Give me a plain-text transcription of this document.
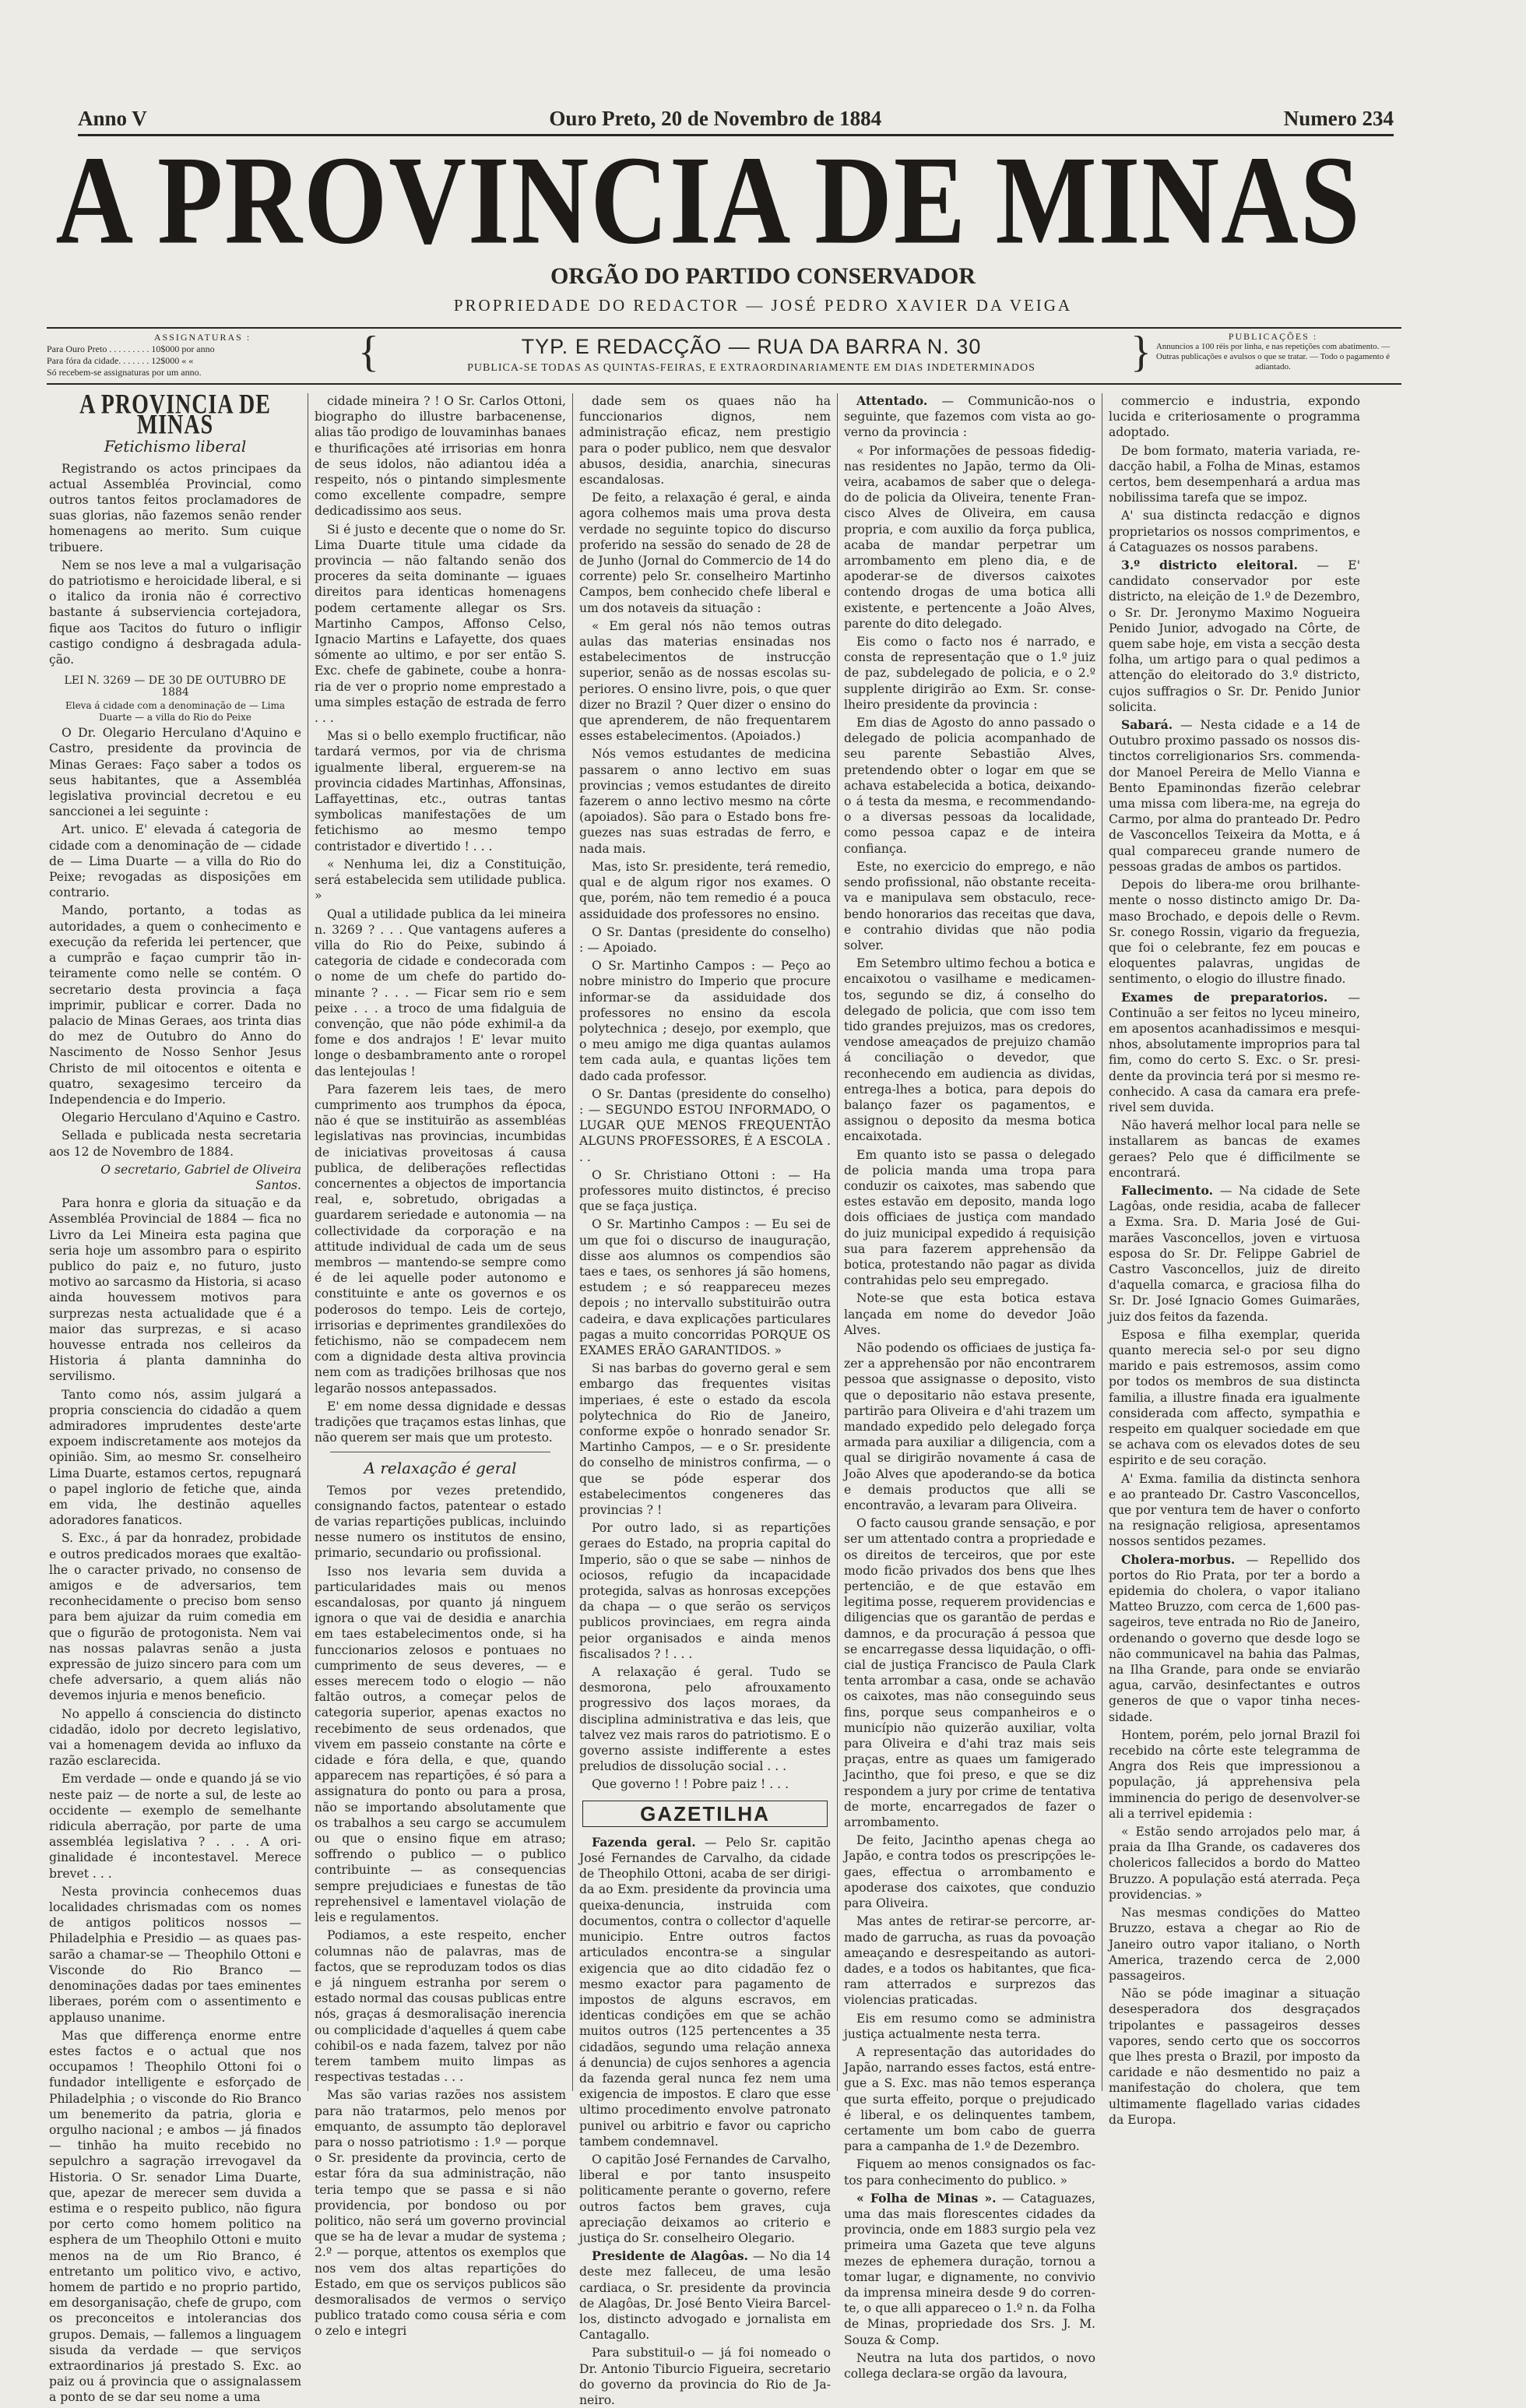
Anno V	Ouro Preto, 20 de Novembro de 1884	Numero 234
A PROVINCIA DE MINAS
ORGÃO DO PARTIDO CONSERVADOR
PROPRIEDADE DO REDACTOR — JOSÉ PEDRO XAVIER DA VEIGA
ASSIGNATURAS :
Para Ouro Preto . . . . . . . . . 10$000 por anno
Para fóra da cidade. . . . . . . 12$000 « «
Só recebem-se assignaturas por um anno.	{	TYP. E REDACÇÃO — RUA DA BARRA N. 30
PUBLICA-SE TODAS AS QUINTAS-FEIRAS, E EXTRAORDINARIAMENTE EM DIAS INDETERMINADOS	}	PUBLICAÇÕES :
Annuncios a 100 réis por linha, e nas repetições com abatimento. — Outras publicações e avulsos o que se tratar. — Todo o pagamento é adiantado.
A PROVINCIA DE MINAS
Fetichismo liberal

Registrando os actos principaes da actual Assembléa Provincial, como outros tantos feitos proclamadores de suas glorias, não fazemos senão render homenagens ao merito. Sum cuique tribuere.

Nem se nos leve a mal a vulgarisação do patriotismo e heroicidade liberal, e si o italico da ironia não é correctivo bastante á subserviencia cortejadora, fique aos Tacitos do futuro o infligir castigo condigno á desbragada adulação.

LEI N. 3269 — DE 30 DE OUTUBRO DE 1884
Eleva á cidade com a denominação de — Lima Duarte — a villa do Rio do Peixe

O Dr. Olegario Herculano d'Aquino e Castro, presidente da provincia de Minas Geraes: Faço saber a todos os seus habitantes, que a Assembléa legislativa provincial decretou e eu sanccionei a lei seguinte :

Art. unico. E' elevada á categoria de cidade com a denominação de — cidade de — Lima Duarte — a villa do Rio do Peixe; revogadas as disposições em contrario.

Mando, portanto, a todas as autoridades, a quem o conhecimento e execução da referida lei pertencer, que a cumprão e façao cumprir tão inteiramente como nelle se contém. O secretario desta provincia a faça imprimir, publicar e correr. Dada no palacio de Minas Geraes, aos trinta dias do mez de Outubro do Anno do Nascimento de Nosso Senhor Jesus Christo de mil oitocentos e oitenta e quatro, sexagesimo terceiro da Independencia e do Imperio.

Olegario Herculano d'Aquino e Castro.

Sellada e publicada nesta secretaria aos 12 de Novembro de 1884.

O secretario, Gabriel de Oliveira Santos.

Para honra e gloria da situação e da Assembléa Provincial de 1884 — fica no Livro da Lei Mineira esta pagina que seria hoje um assombro para o espirito publico do paiz e, no futuro, justo motivo ao sarcasmo da Historia, si acaso ainda houvessem motivos para surprezas nesta actualidade que é a maior das surprezas, e si acaso houvesse entrada nos celleiros da Historia á planta damninha do servilismo.

Tanto como nós, assim julgará a propria consciencia do cidadão a quem admiradores imprudentes deste'arte expoem indiscretamente aos motejos da opinião. Sim, ao mesmo Sr. conselheiro Lima Duarte, estamos certos, repugnará o papel inglorio de fetiche que, ainda em vida, lhe destinão aquelles adoradores fanaticos.

S. Exc., á par da honradez, probidade e outros predicados moraes que exaltão-lhe o caracter privado, no consenso de amigos e de adversarios, tem reconhecidamente o preciso bom senso para bem ajuizar da ruim comedia em que o figurão de protogonista. Nem vai nas nossas palavras senão a justa expressão de juizo sincero para com um chefe adversario, a quem aliás não devemos injuria e menos beneficio.

No appello á consciencia do distincto cidadão, idolo por decreto legislativo, vai a homenagem devida ao influxo da razão esclarecida.

Em verdade — onde e quando já se vio neste paiz — de norte a sul, de leste ao occidente — exemplo de semelhante ridicula aberração, por parte de uma assembléa legislativa ? . . . A originalidade é incontestavel. Merece brevet . . .

Nesta provincia conhecemos duas localidades chrismadas com os nomes de antigos politicos nossos — Philadelphia e Presidio — as quaes passarão a chamar-se — Theophilo Ottoni e Visconde do Rio Branco — denominações dadas por taes eminentes liberaes, porém com o assentimento e applauso unanime.

Mas que differença enorme entre estes factos e o actual que nos occupamos ! Theophilo Ottoni foi o fundador intelligente e esforçado de Philadelphia ; o visconde do Rio Branco um benemerito da patria, gloria e orgulho nacional ; e ambos — já finados — tinhão ha muito recebido no sepulchro a sagração irrevogavel da Historia. O Sr. senador Lima Duarte, que, apezar de merecer sem duvida a estima e o respeito publico, não figura por certo como homem politico na esphera de um Theophilo Ottoni e muito menos na de um Rio Branco, é entretanto um politico vivo, e activo, homem de partido e no proprio partido, em desorganisação, chefe de grupo, com os preconceitos e intolerancias dos grupos. Demais, — fallemos a linguagem sisuda da verdade — que serviços extraordinarios já prestado S. Exc. ao paiz ou á provincia que o assignalassem a ponto de se dar seu nome a uma

cidade mineira ? ! O Sr. Carlos Ottoni, biographo do illustre barbacenense, alias tão prodigo de louvaminhas banaes e thurificações até irrisorias em honra de seus idolos, não adiantou idéa a respeito, nós o pintando simplesmente como excellente compadre, sempre dedicadissimo aos seus.

Si é justo e decente que o nome do Sr. Lima Duarte titule uma cidade da provincia — não faltando senão dos proceres da seita dominante — iguaes direitos para identicas homenagens podem certamente allegar os Srs. Martinho Campos, Affonso Celso, Ignacio Martins e Lafayette, dos quaes sómente ao ultimo, e por ser então S. Exc. chefe de gabinete, coube a honraria de ver o proprio nome emprestado a uma simples estação de estrada de ferro . . .

Mas si o bello exemplo fructificar, não tardará vermos, por via de chrisma igualmente liberal, erguerem-se na provincia cidades Martinhas, Affonsinas, Laffayettinas, etc., outras tantas symbolicas manifestações de um fetichismo ao mesmo tempo contristador e divertido ! . . .

« Nenhuma lei, diz a Constituição, será estabelecida sem utilidade publica. »

Qual a utilidade publica da lei mineira n. 3269 ? . . . Que vantagens auferes a villa do Rio do Peixe, subindo á categoria de cidade e condecorada com o nome de um chefe do partido dominante ? . . . — Ficar sem rio e sem peixe . . . a troco de uma fidalguia de convenção, que não póde exhimil-a da fome e dos andrajos ! E' levar muito longe o desbambramento ante o roropel das lentejoulas !

Para fazerem leis taes, de mero cumprimento aos trumphos da época, não é que se instituirão as assembléas legislativas nas provincias, incumbidas de iniciativas proveitosas á causa publica, de deliberações reflectidas concernentes a objectos de importancia real, e, sobretudo, obrigadas a guardarem seriedade e autonomia — na collectividade da corporação e na attitude individual de cada um de seus membros — mantendo-se sempre como é de lei aquelle poder autonomo e constituinte e ante os governos e os poderosos do tempo. Leis de cortejo, irrisorias e deprimentes grandilexões do fetichismo, não se compadecem nem com a dignidade desta altiva provincia nem com as tradições brilhosas que nos legarão nossos antepassados.

E' em nome dessa dignidade e dessas tradições que traçamos estas linhas, que não querem ser mais que um protesto.

A relaxação é geral

Temos por vezes pretendido, consignando factos, patentear o estado de varias repartições publicas, incluindo nesse numero os institutos de ensino, primario, secundario ou profissional.

Isso nos levaria sem duvida a particularidades mais ou menos escandalosas, por quanto já ninguem ignora o que vai de desidia e anarchia em taes estabelecimentos onde, si ha funccionarios zelosos e pontuaes no cumprimento de seus deveres, — e esses merecem todo o elogio — não faltão outros, a começar pelos de categoria superior, apenas exactos no recebimento de seus ordenados, que vivem em passeio constante na côrte e cidade e fóra della, e que, quando apparecem nas repartições, é só para a assignatura do ponto ou para a prosa, não se importando absolutamente que os trabalhos a seu cargo se accumulem ou que o ensino fique em atraso; soffrendo o publico — o publico contribuinte — as consequencias sempre prejudiciaes e funestas de tão reprehensivel e lamentavel violação de leis e regulamentos.

Podiamos, a este respeito, encher columnas não de palavras, mas de factos, que se reproduzam todos os dias e já ninguem estranha por serem o estado normal das cousas publicas entre nós, graças á desmoralisação inerencia ou complicidade d'aquelles á quem cabe cohibil-os e nada fazem, talvez por não terem tambem muito limpas as respectivas testadas . . .

Mas são varias razões nos assistem para não tratarmos, pelo menos por emquanto, de assumpto tão deploravel para o nosso patriotismo : 1.º — porque o Sr. presidente da provincia, certo de estar fóra da sua administração, não teria tempo que se passa e si não providencia, por bondoso ou por politico, não será um governo provincial que se ha de levar a mudar de systema ; 2.º — porque, attentos os exemplos que nos vem dos altas repartições do Estado, em que os serviços publicos são desmoralisados de vermos o serviço publico tratado como cousa séria e com o zelo e integri

dade sem os quaes não ha funccionarios dignos, nem administração eficaz, nem prestigio para o poder publico, nem que desvalor abusos, desidia, anarchia, sinecuras escandalosas.

De feito, a relaxação é geral, e ainda agora colhemos mais uma prova desta verdade no seguinte topico do discurso proferido na sessão do senado de 28 de de Junho (Jornal do Commercio de 14 do corrente) pelo Sr. conselheiro Martinho Campos, bem conhecido chefe liberal e um dos notaveis da situação :

« Em geral nós não temos outras aulas das materias ensinadas nos estabelecimentos de instrucção superior, senão as de nossas escolas superiores. O ensino livre, pois, o que quer dizer no Brazil ? Quer dizer o ensino do que aprenderem, de não frequentarem esses estabelecimentos. (Apoiados.)

Nós vemos estudantes de medicina passarem o anno lectivo em suas provincias ; vemos estudantes de direito fazerem o anno lectivo mesmo na côrte (apoiados). São para o Estado bons freguezes nas suas estradas de ferro, e nada mais.

Mas, isto Sr. presidente, terá remedio, qual e de algum rigor nos exames. O que, porém, não tem remedio é a pouca assiduidade dos professores no ensino.

O Sr. Dantas (presidente do conselho) : — Apoiado.

O Sr. Martinho Campos : — Peço ao nobre ministro do Imperio que procure informar-se da assiduidade dos professores no ensino da escola polytechnica ; desejo, por exemplo, que o meu amigo me diga quantas aulamos tem cada aula, e quantas lições tem dado cada professor.

O Sr. Dantas (presidente do conselho) : — SEGUNDO ESTOU INFORMADO, O LUGAR QUE MENOS FREQUENTÃO ALGUNS PROFESSORES, É A ESCOLA . . .

O Sr. Christiano Ottoni : — Ha professores muito distinctos, é preciso que se faça justiça.

O Sr. Martinho Campos : — Eu sei de um que foi o discurso de inauguração, disse aos alumnos os compendios são taes e taes, os senhores já são homens, estudem ; e só reappareceu mezes depois ; no intervallo substituirão outra cadeira, e dava explicações particulares pagas a muito concorridas PORQUE OS EXAMES ERÃO GARANTIDOS. »

Si nas barbas do governo geral e sem embargo das frequentes visitas imperiaes, é este o estado da escola polytechnica do Rio de Janeiro, conforme expõe o honrado senador Sr. Martinho Campos, — e o Sr. presidente do conselho de ministros confirma, — o que se póde esperar dos estabelecimentos congeneres das provincias ? !

Por outro lado, si as repartições geraes do Estado, na propria capital do Imperio, são o que se sabe — ninhos de ociosos, refugio da incapacidade protegida, salvas as honrosas excepções da chapa — o que serão os serviços publicos provinciaes, em regra ainda peior organisados e ainda menos fiscalisados ? ! . . .

A relaxação é geral. Tudo se desmorona, pelo afrouxamento progressivo dos laços moraes, da disciplina administrativa e das leis, que talvez vez mais raros do patriotismo. E o governo assiste indifferente a estes preludios de dissolução social . . .

Que governo ! ! Pobre paiz ! . . .

GAZETILHA

Fazenda geral. — Pelo Sr. capitão José Fernandes de Carvalho, da cidade de Theophilo Ottoni, acaba de ser dirigida ao Exm. presidente da provincia uma queixa-denuncia, instruida com documentos, contra o collector d'aquelle municipio. Entre outros factos articulados encontra-se a singular exigencia que ao dito cidadão fez o mesmo exactor para pagamento de impostos de alguns escravos, em identicas condições em que se achão muitos outros (125 pertencentes a 35 cidadãos, segundo uma relação annexa á denuncia) de cujos senhores a agencia da fazenda geral nunca fez nem uma exigencia de impostos. E claro que esse ultimo procedimento envolve patronato punivel ou arbitrio e favor ou capricho tambem condemnavel.

O capitão José Fernandes de Carvalho, liberal e por tanto insuspeito politicamente perante o governo, refere outros factos bem graves, cuja apreciação deixamos ao criterio e justiça do Sr. conselheiro Olegario.

Presidente de Alagôas. — No dia 14 deste mez falleceu, de uma lesão cardiaca, o Sr. presidente da provincia de Alagôas, Dr. José Bento Vieira Barcellos, distincto advogado e jornalista em Cantagallo.

Para substituil-o — já foi nomeado o Dr. Antonio Tiburcio Figueira, secretario do governo da provincia do Rio de Janeiro.

Attentado. — Communicão-nos o seguinte, que fazemos com vista ao governo da provincia :

« Por informações de pessoas fidedignas residentes no Japão, termo da Oliveira, acabamos de saber que o delegado de policia da Oliveira, tenente Francisco Alves de Oliveira, em causa propria, e com auxilio da força publica, acaba de mandar perpetrar um arrombamento em pleno dia, e de apoderar-se de diversos caixotes contendo drogas de uma botica alli existente, e pertencente a João Alves, parente do dito delegado.

Eis como o facto nos é narrado, e consta de representação que o 1.º juiz de paz, subdelegado de policia, e o 2.º supplente dirigirão ao Exm. Sr. conselheiro presidente da provincia :

Em dias de Agosto do anno passado o delegado de policia acompanhado de seu parente Sebastião Alves, pretendendo obter o logar em que se achava estabelecida a botica, deixando-o á testa da mesma, e recommendando-o a diversas pessoas da localidade, como pessoa capaz e de inteira confiança.

Este, no exercicio do emprego, e não sendo profissional, não obstante receitava e manipulava sem obstaculo, recebendo honorarios das receitas que dava, e contrahio dividas que não podia solver.

Em Setembro ultimo fechou a botica e encaixotou o vasilhame e medicamentos, segundo se diz, á conselho do delegado de policia, que com isso tem tido grandes prejuizos, mas os credores, vendose ameaçados de prejuizo chamão á conciliação o devedor, que reconhecendo em audiencia as dividas, entrega-lhes a botica, para depois do balanço fazer os pagamentos, e assignou o deposito da mesma botica encaixotada.

Em quanto isto se passa o delegado de policia manda uma tropa para conduzir os caixotes, mas sabendo que estes estavão em deposito, manda logo dois officiaes de justiça com mandado do juiz municipal expedido á requisição sua para fazerem apprehensão da botica, protestando não pagar as divida contrahidas pelo seu empregado.

Note-se que esta botica estava lançada em nome do devedor João Alves.

Não podendo os officiaes de justiça fazer a apprehensão por não encontrarem pessoa que assignasse o deposito, visto que o depositario não estava presente, partirão para Oliveira e d'ahi trazem um mandado expedido pelo delegado força armada para auxiliar a diligencia, com a qual se dirigirão novamente á casa de João Alves que apoderando-se da botica e demais productos que alli se encontravão, a levaram para Oliveira.

O facto causou grande sensação, e por ser um attentado contra a propriedade e os direitos de terceiros, que por este modo ficão privados dos bens que lhes pertencião, e de que estavão em legitima posse, requerem providencias e diligencias que os garantão de perdas e damnos, e da procuração á pessoa que se encarregasse dessa liquidação, o official de justiça Francisco de Paula Clark tenta arrombar a casa, onde se achavão os caixotes, mas não conseguindo seus fins, porque seus companheiros e o município não quizerão auxiliar, volta para Oliveira e d'ahi traz mais seis praças, entre as quaes um famigerado Jacintho, que foi preso, e que se diz respondem a jury por crime de tentativa de morte, encarregados de fazer o arrombamento.

De feito, Jacintho apenas chega ao Japão, e contra todos os prescripções legaes, effectua o arrombamento e apoderase dos caixotes, que conduzio para Oliveira.

Mas antes de retirar-se percorre, armado de garrucha, as ruas da povoação ameaçando e desrespeitando as autoridades, e a todos os habitantes, que ficaram atterrados e surprezos das violencias praticadas.

Eis em resumo como se administra justiça actualmente nesta terra.

A representação das autoridades do Japão, narrando esses factos, está entregue a S. Exc. mas não temos esperança que surta effeito, porque o prejudicado é liberal, e os delinquentes tambem, certamente um bom cabo de guerra para a campanha de 1.º de Dezembro.

Fiquem ao menos consignados os factos para conhecimento do publico. »

« Folha de Minas ». — Cataguazes, uma das mais florescentes cidades da provincia, onde em 1883 surgio pela vez primeira uma Gazeta que teve alguns mezes de ephemera duração, tornou a tomar lugar, e dignamente, no convivio da imprensa mineira desde 9 do corrente, o que alli appareceo o 1.º n. da Folha de Minas, propriedade dos Srs. J. M. Souza & Comp.

Neutra na luta dos partidos, o novo collega declara-se orgão da lavoura,

commercio e industria, expondo lucida e criteriosamente o programma adoptado.

De bom formato, materia variada, redacção habil, a Folha de Minas, estamos certos, bem desempenhará a ardua mas nobilissima tarefa que se impoz.

A' sua distincta redacção e dignos proprietarios os nossos comprimentos, e á Cataguazes os nossos parabens.

3.º districto eleitoral. — E' candidato conservador por este districto, na eleição de 1.º de Dezembro, o Sr. Dr. Jeronymo Maximo Nogueira Penido Junior, advogado na Côrte, de quem sabe hoje, em vista a secção desta folha, um artigo para o qual pedimos a attenção do eleitorado do 3.º districto, cujos suffragios o Sr. Dr. Penido Junior solicita.

Sabará. — Nesta cidade e a 14 de Outubro proximo passado os nossos distinctos correligionarios Srs. commendador Manoel Pereira de Mello Vianna e Bento Epaminondas fizerão celebrar uma missa com libera-me, na egreja do Carmo, por alma do pranteado Dr. Pedro de Vasconcellos Teixeira da Motta, e á qual compareceu grande numero de pessoas gradas de ambos os partidos.

Depois do libera-me orou brilhantemente o nosso distincto amigo Dr. Damaso Brochado, e depois delle o Revm. Sr. conego Rossin, vigario da freguezia, que foi o celebrante, fez em poucas e eloquentes palavras, ungidas de sentimento, o elogio do illustre finado.

Exames de preparatorios. — Continuão a ser feitos no lyceu mineiro, em aposentos acanhadissimos e mesquinhos, absolutamente improprios para tal fim, como do certo S. Exc. o Sr. presidente da provincia terá por si mesmo reconhecido. A casa da camara era preferivel sem duvida.

Não haverá melhor local para nelle se installarem as bancas de exames geraes? Pelo que é difficilmente se encontrará.

Fallecimento. — Na cidade de Sete Lagôas, onde residia, acaba de fallecer a Exma. Sra. D. Maria José de Guimarães Vasconcellos, joven e virtuosa esposa do Sr. Dr. Felippe Gabriel de Castro Vasconcellos, juiz de direito d'aquella comarca, e graciosa filha do Sr. Dr. José Ignacio Gomes Guimarães, juiz dos feitos da fazenda.

Esposa e filha exemplar, querida quanto merecia sel-o por seu digno marido e pais estremosos, assim como por todos os membros de sua distincta familia, a illustre finada era igualmente considerada com affecto, sympathia e respeito em qualquer sociedade em que se achava com os elevados dotes de seu espirito e de seu coração.

A' Exma. familia da distincta senhora e ao pranteado Dr. Castro Vasconcellos, que por ventura tem de haver o conforto na resignação religiosa, apresentamos nossos sentidos pezames.

Cholera-morbus. — Repellido dos portos do Rio Prata, por ter a bordo a epidemia do cholera, o vapor italiano Matteo Bruzzo, com cerca de 1,600 passageiros, teve entrada no Rio de Janeiro, ordenando o governo que desde logo se não communicavel na bahia das Palmas, na Ilha Grande, para onde se enviarão agua, carvão, desinfectantes e outros generos de que o vapor tinha necessidade.

Hontem, porém, pelo jornal Brazil foi recebido na côrte este telegramma de Angra dos Reis que impressionou a população, já apprehensiva pela imminencia do perigo de desenvolver-se ali a terrivel epidemia :

« Estão sendo arrojados pelo mar, á praia da Ilha Grande, os cadaveres dos cholericos fallecidos a bordo do Matteo Bruzzo. A população está aterrada. Peça providencias. »

Nas mesmas condições do Matteo Bruzzo, estava a chegar ao Rio de Janeiro outro vapor italiano, o North America, trazendo cerca de 2,000 passageiros.

Não se póde imaginar a situação desesperadora dos desgraçados tripolantes e passageiros desses vapores, sendo certo que os soccorros que lhes presta o Brazil, por imposto da caridade e não desmentido no paiz a manifestação do cholera, que tem ultimamente flagellado varias cidades da Europa.
